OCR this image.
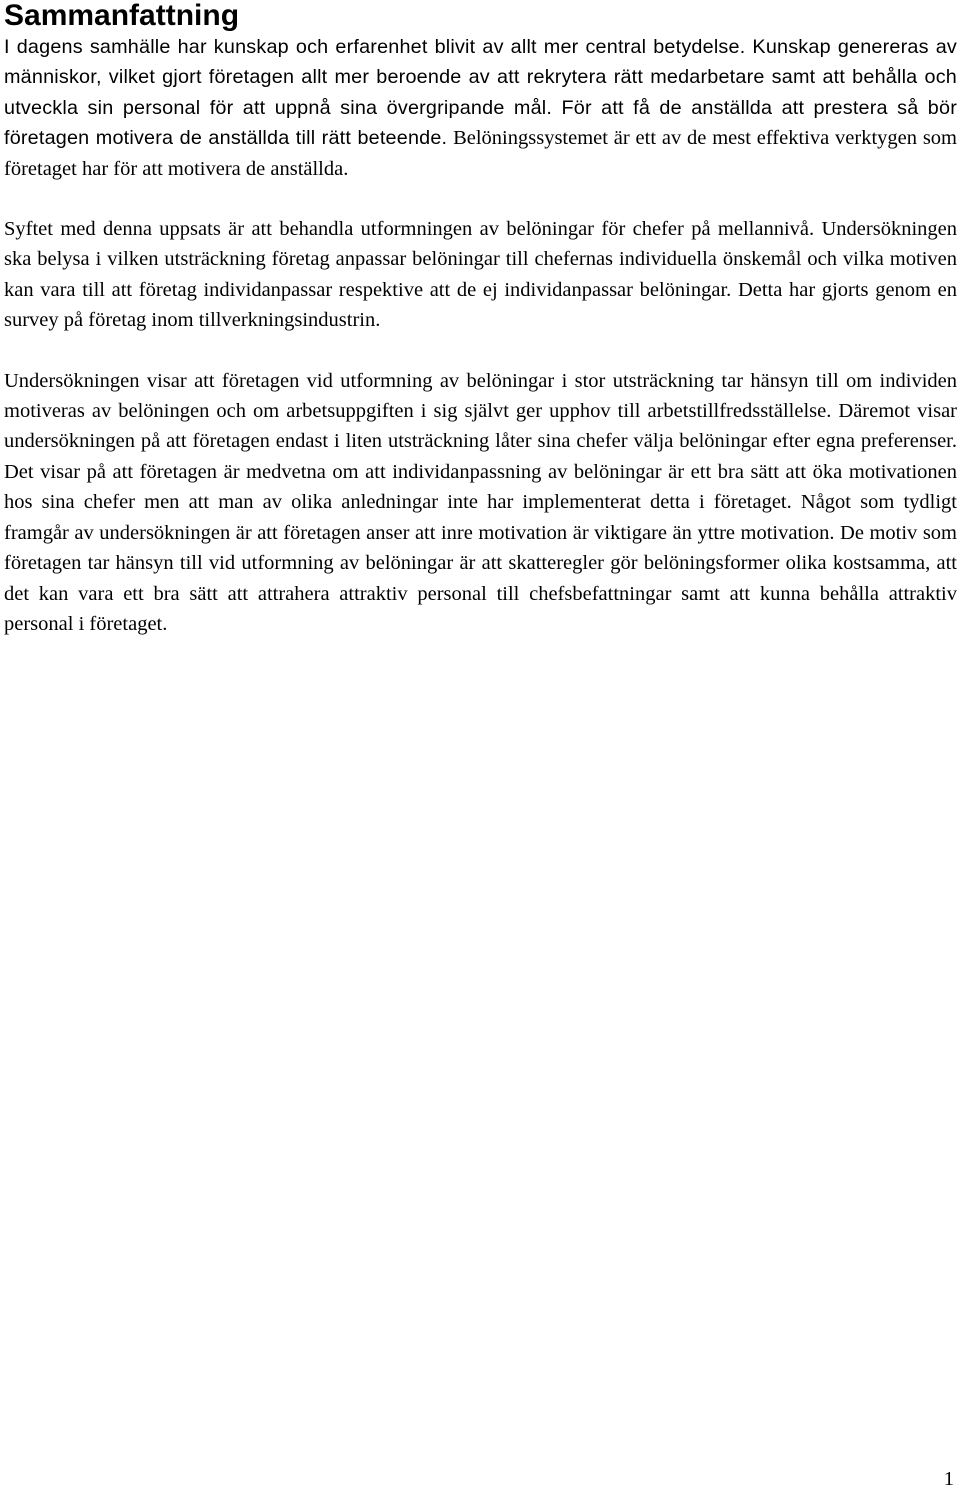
Sammanfattning

I dagens samhälle har kunskap och erfarenhet blivit av allt mer central betydelse. Kunskap genereras av människor, vilket gjort företagen allt mer beroende av att rekrytera rätt medarbetare samt att behålla och utveckla sin personal för att uppnå sina övergripande mål. För att få de anställda att prestera så bör företagen motivera de anställda till rätt beteende. Belöningssystemet är ett av de mest effektiva verktygen som företaget har för att motivera de anställda.

Syftet med denna uppsats är att behandla utformningen av belöningar för chefer på mellannivå. Undersökningen ska belysa i vilken utsträckning företag anpassar belöningar till chefernas individuella önskemål och vilka motiven kan vara till att företag individanpassar respektive att de ej individanpassar belöningar. Detta har gjorts genom en survey på företag inom tillverkningsindustrin.

Undersökningen visar att företagen vid utformning av belöningar i stor utsträckning tar hänsyn till om individen motiveras av belöningen och om arbetsuppgiften i sig självt ger upphov till arbetstillfredsställelse. Däremot visar undersökningen på att företagen endast i liten utsträckning låter sina chefer välja belöningar efter egna preferenser. Det visar på att företagen är medvetna om att individanpassning av belöningar är ett bra sätt att öka motivationen hos sina chefer men att man av olika anledningar inte har implementerat detta i företaget. Något som tydligt framgår av undersökningen är att företagen anser att inre motivation är viktigare än yttre motivation. De motiv som företagen tar hänsyn till vid utformning av belöningar är att skatteregler gör belöningsformer olika kostsamma, att det kan vara ett bra sätt att attrahera attraktiv personal till chefsbefattningar samt att kunna behålla attraktiv personal i företaget.

1
